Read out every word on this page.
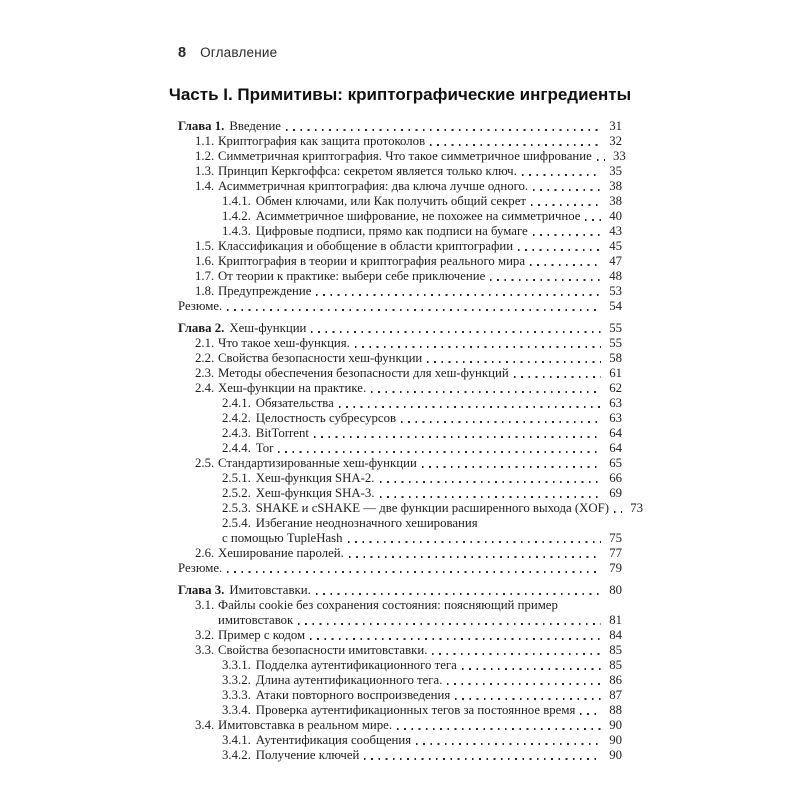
8 Оглавление
Часть I. Примитивы: криптографические ингредиенты
Глава 1. Введение	31
1.1. Криптография как защита протоколов	32
1.2. Симметричная криптография. Что такое симметричное шифрование	33
1.3. Принцип Керкгоффса: секретом является только ключ.	35
1.4. Асимметричная криптография: два ключа лучше одного.	38
1.4.1. Обмен ключами, или Как получить общий секрет	38
1.4.2. Асимметричное шифрование, не похожее на симметричное	40
1.4.3. Цифровые подписи, прямо как подписи на бумаге	43
1.5. Классификация и обобщение в области криптографии	45
1.6. Криптография в теории и криптография реального мира	47
1.7. От теории к практике: выбери себе приключение	48
1.8. Предупреждение	53
Резюме.	54
Глава 2. Хеш-функции	55
2.1. Что такое хеш-функция.	55
2.2. Свойства безопасности хеш-функции	58
2.3. Методы обеспечения безопасности для хеш-функций	61
2.4. Хеш-функции на практике.	62
2.4.1. Обязательства	63
2.4.2. Целостность субресурсов	63
2.4.3. BitTorrent	64
2.4.4. Tor	64
2.5. Стандартизированные хеш-функции	65
2.5.1. Хеш-функция SHA-2.	66
2.5.2. Хеш-функция SHA-3.	69
2.5.3. SHAKE и cSHAKE — две функции расширенного выхода (XOF)	73
2.5.4. Избегание неоднозначного хеширования
с помощью TupleHash	75
2.6. Хеширование паролей.	77
Резюме.	79
Глава 3. Имитовставки.	80
3.1. Файлы cookie без сохранения состояния: поясняющий пример
имитовставок	81
3.2. Пример с кодом	84
3.3. Свойства безопасности имитовставки.	85
3.3.1. Подделка аутентификационного тега	85
3.3.2. Длина аутентификационного тега.	86
3.3.3. Атаки повторного воспроизведения	87
3.3.4. Проверка аутентификационных тегов за постоянное время	88
3.4. Имитовставка в реальном мире.	90
3.4.1. Аутентификация сообщения	90
3.4.2. Получение ключей	90
